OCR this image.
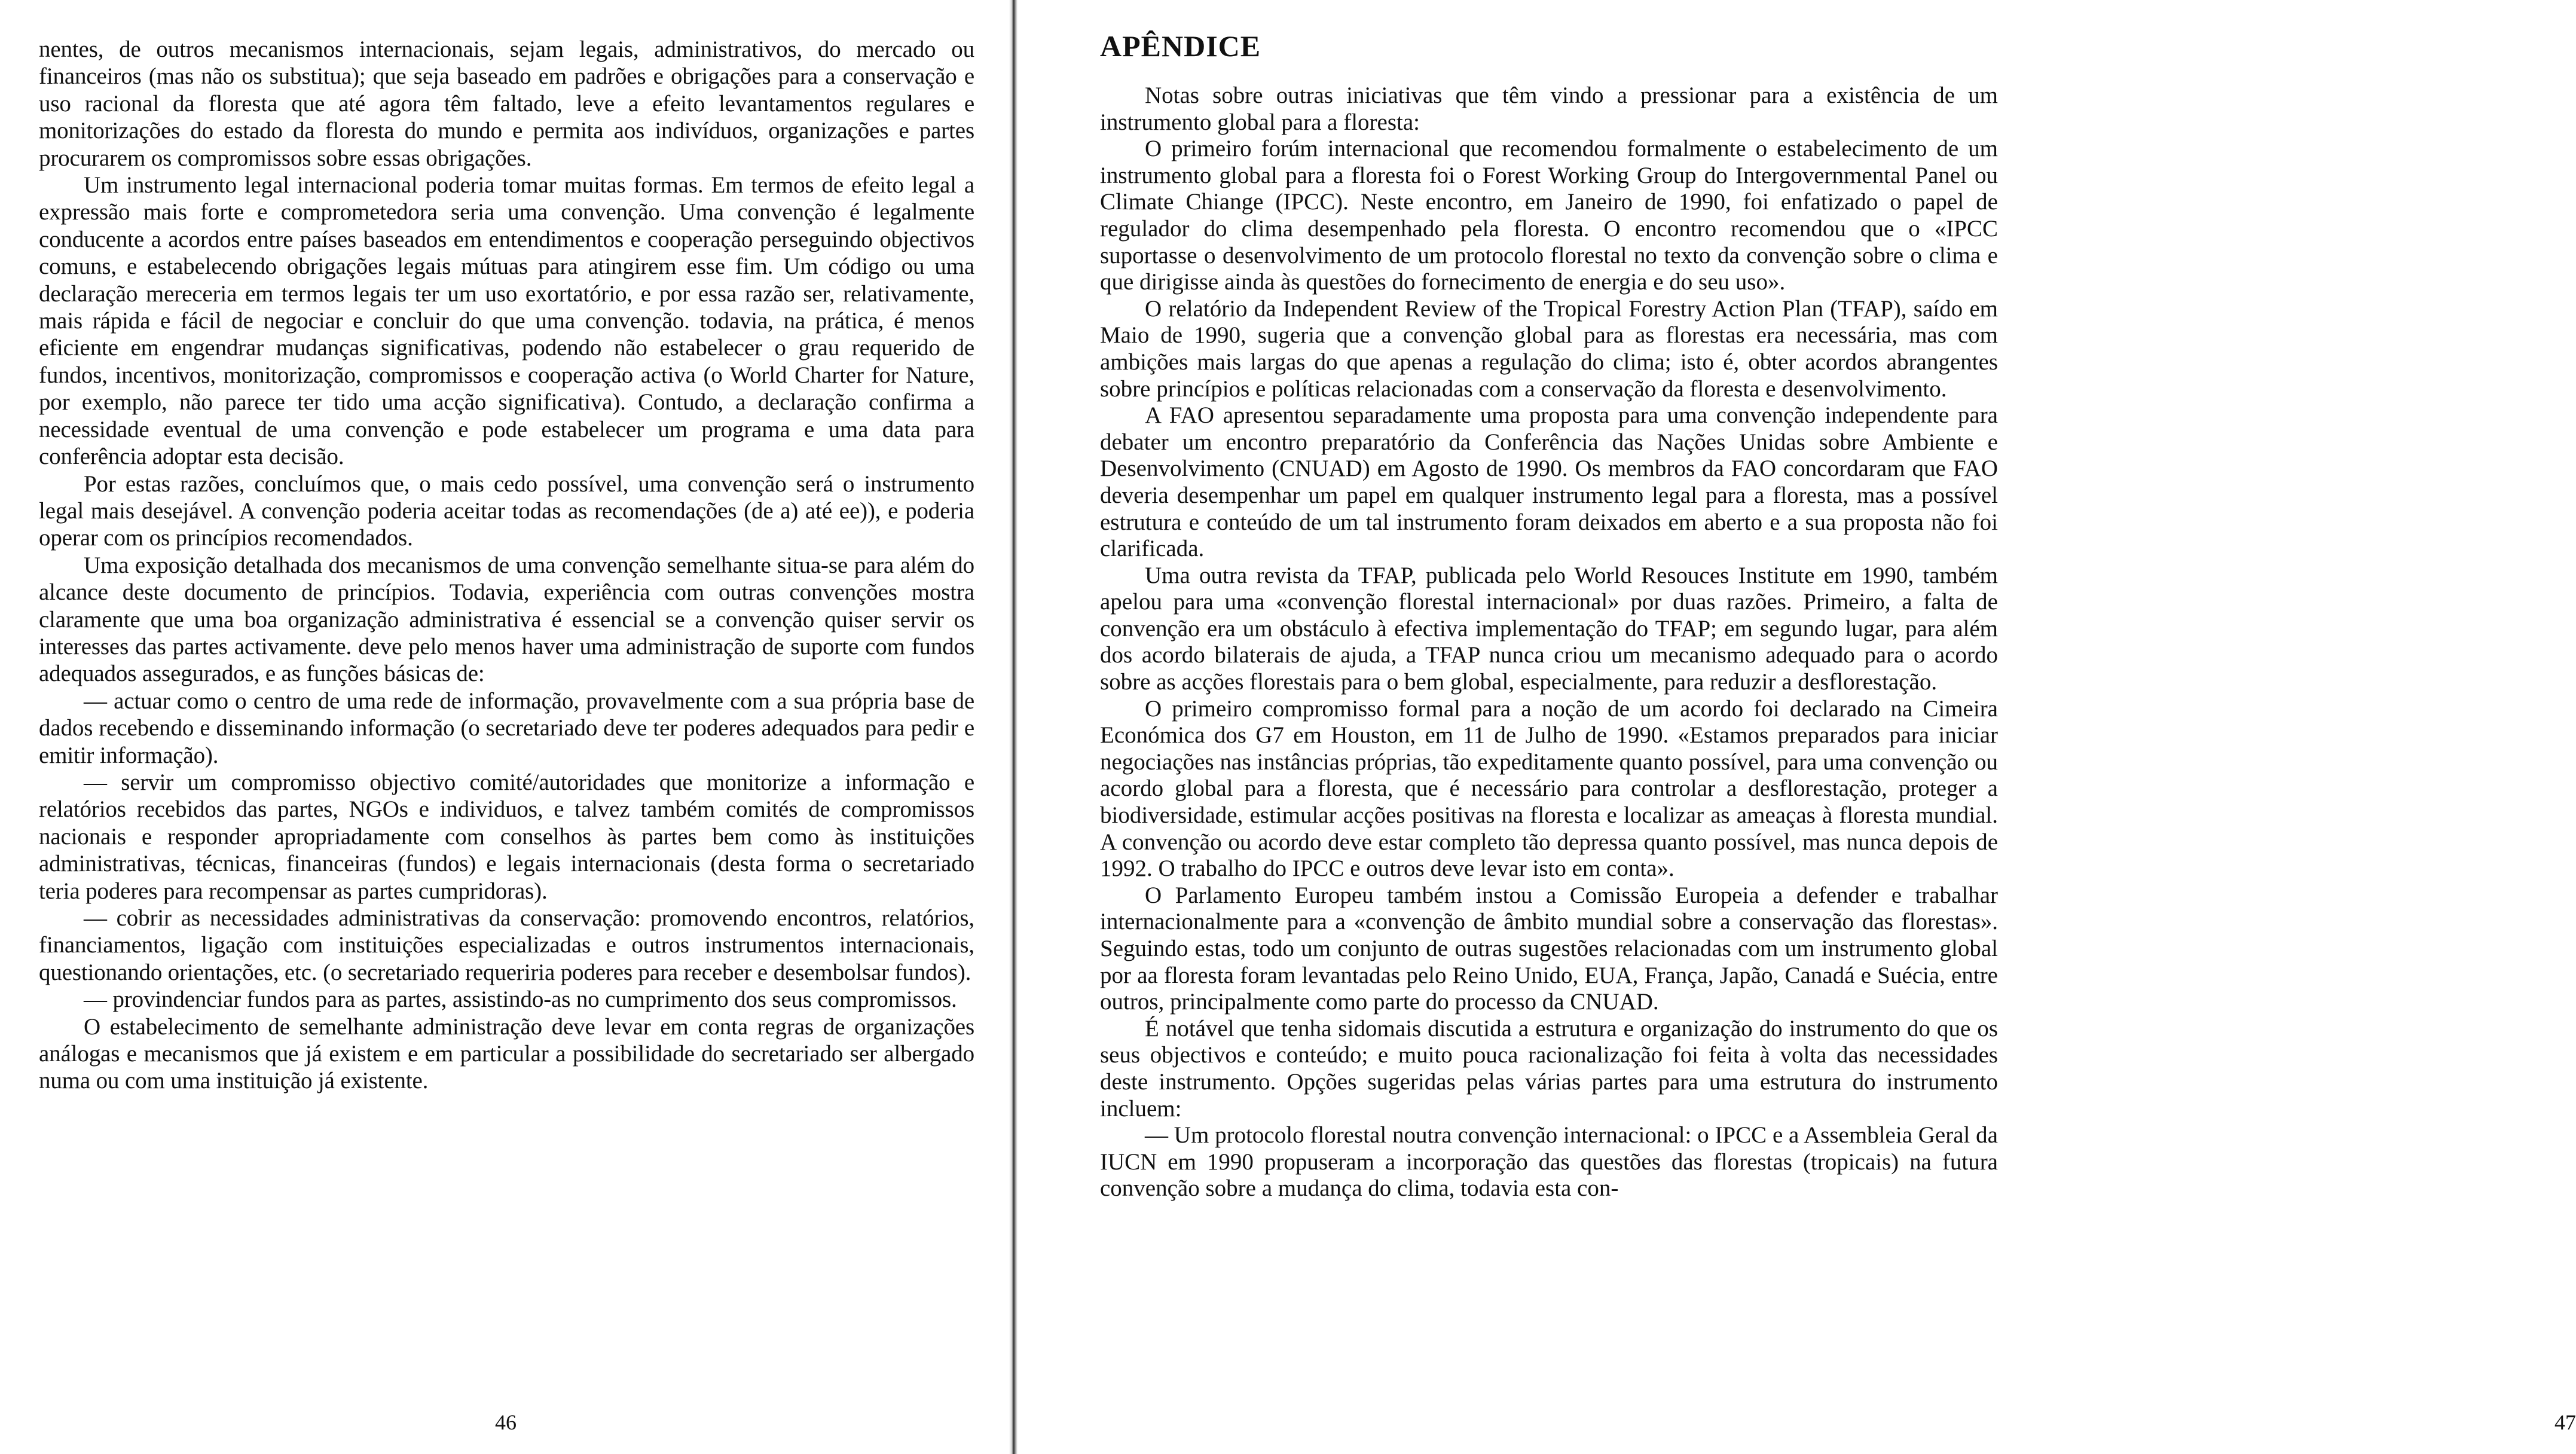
nentes, de outros mecanismos internacionais, sejam legais, administrativos, do mercado ou financeiros (mas não os substitua); que seja baseado em padrões e obrigações para a conservação e uso racional da floresta que até agora têm faltado, leve a efeito levantamentos regulares e monitorizações do estado da floresta do mundo e permita aos indivíduos, organizações e partes procurarem os compromissos sobre essas obrigações.

Um instrumento legal internacional poderia tomar muitas formas. Em termos de efeito legal a expressão mais forte e comprometedora seria uma convenção. Uma convenção é legalmente conducente a acordos entre países baseados em entendimentos e cooperação perseguindo objectivos comuns, e estabelecendo obrigações legais mútuas para atingirem esse fim. Um código ou uma declaração mereceria em termos legais ter um uso exortatório, e por essa razão ser, relativamente, mais rápida e fácil de negociar e concluir do que uma convenção. todavia, na prática, é menos eficiente em engendrar mudanças significativas, podendo não estabelecer o grau requerido de fundos, incentivos, monitorização, compromissos e cooperação activa (o World Charter for Nature, por exemplo, não parece ter tido uma acção significativa). Contudo, a declaração confirma a necessidade eventual de uma convenção e pode estabelecer um programa e uma data para conferência adoptar esta decisão.

Por estas razões, concluímos que, o mais cedo possível, uma convenção será o instrumento legal mais desejável. A convenção poderia aceitar todas as recomendações (de a) até ee)), e poderia operar com os princípios recomendados.

Uma exposição detalhada dos mecanismos de uma convenção semelhante situa-se para além do alcance deste documento de princípios. Todavia, experiência com outras convenções mostra claramente que uma boa organização administrativa é essencial se a convenção quiser servir os interesses das partes activamente. deve pelo menos haver uma administração de suporte com fundos adequados assegurados, e as funções básicas de:

— actuar como o centro de uma rede de informação, provavelmente com a sua própria base de dados recebendo e disseminando informação (o secretariado deve ter poderes adequados para pedir e emitir informação).

— servir um compromisso objectivo comité/autoridades que monitorize a informação e relatórios recebidos das partes, NGOs e individuos, e talvez também comités de compromissos nacionais e responder apropriadamente com conselhos às partes bem como às instituições administrativas, técnicas, financeiras (fundos) e legais internacionais (desta forma o secretariado teria poderes para recompensar as partes cumpridoras).

— cobrir as necessidades administrativas da conservação: promovendo encontros, relatórios, financiamentos, ligação com instituições especializadas e outros instrumentos internacionais, questionando orientações, etc. (o secretariado requeriria poderes para receber e desembolsar fundos).

— provindenciar fundos para as partes, assistindo-as no cumprimento dos seus compromissos.

O estabelecimento de semelhante administração deve levar em conta regras de organizações análogas e mecanismos que já existem e em particular a possibilidade do secretariado ser albergado numa ou com uma instituição já existente.

46
APÊNDICE

Notas sobre outras iniciativas que têm vindo a pressionar para a existência de um instrumento global para a floresta:

O primeiro forúm internacional que recomendou formalmente o estabelecimento de um instrumento global para a floresta foi o Forest Working Group do Intergovernmental Panel ou Climate Chiange (IPCC). Neste encontro, em Janeiro de 1990, foi enfatizado o papel de regulador do clima desempenhado pela floresta. O encontro recomendou que o «IPCC suportasse o desenvolvimento de um protocolo florestal no texto da convenção sobre o clima e que dirigisse ainda às questões do fornecimento de energia e do seu uso».

O relatório da Independent Review of the Tropical Forestry Action Plan (TFAP), saído em Maio de 1990, sugeria que a convenção global para as florestas era necessária, mas com ambições mais largas do que apenas a regulação do clima; isto é, obter acordos abrangentes sobre princípios e políticas relacionadas com a conservação da floresta e desenvolvimento.

A FAO apresentou separadamente uma proposta para uma convenção independente para debater um encontro preparatório da Conferência das Nações Unidas sobre Ambiente e Desenvolvimento (CNUAD) em Agosto de 1990. Os membros da FAO concordaram que FAO deveria desempenhar um papel em qualquer instrumento legal para a floresta, mas a possível estrutura e conteúdo de um tal instrumento foram deixados em aberto e a sua proposta não foi clarificada.

Uma outra revista da TFAP, publicada pelo World Resouces Institute em 1990, também apelou para uma «convenção florestal internacional» por duas razões. Primeiro, a falta de convenção era um obstáculo à efectiva implementação do TFAP; em segundo lugar, para além dos acordo bilaterais de ajuda, a TFAP nunca criou um mecanismo adequado para o acordo sobre as acções florestais para o bem global, especialmente, para reduzir a desflorestação.

O primeiro compromisso formal para a noção de um acordo foi declarado na Cimeira Económica dos G7 em Houston, em 11 de Julho de 1990. «Estamos preparados para iniciar negociações nas instâncias próprias, tão expeditamente quanto possível, para uma convenção ou acordo global para a floresta, que é necessário para controlar a desflorestação, proteger a biodiversidade, estimular acções positivas na floresta e localizar as ameaças à floresta mundial. A convenção ou acordo deve estar completo tão depressa quanto possível, mas nunca depois de 1992. O trabalho do IPCC e outros deve levar isto em conta».

O Parlamento Europeu também instou a Comissão Europeia a defender e trabalhar internacionalmente para a «convenção de âmbito mundial sobre a conservação das florestas». Seguindo estas, todo um conjunto de outras sugestões relacionadas com um instrumento global por aa floresta foram levantadas pelo Reino Unido, EUA, França, Japão, Canadá e Suécia, entre outros, principalmente como parte do processo da CNUAD.

É notável que tenha sidomais discutida a estrutura e organização do instrumento do que os seus objectivos e conteúdo; e muito pouca racionalização foi feita à volta das necessidades deste instrumento. Opções sugeridas pelas várias partes para uma estrutura do instrumento incluem:

— Um protocolo florestal noutra convenção internacional: o IPCC e a Assembleia Geral da IUCN em 1990 propuseram a incorporação das questões das florestas (tropicais) na futura convenção sobre a mudança do clima, todavia esta con-

47
